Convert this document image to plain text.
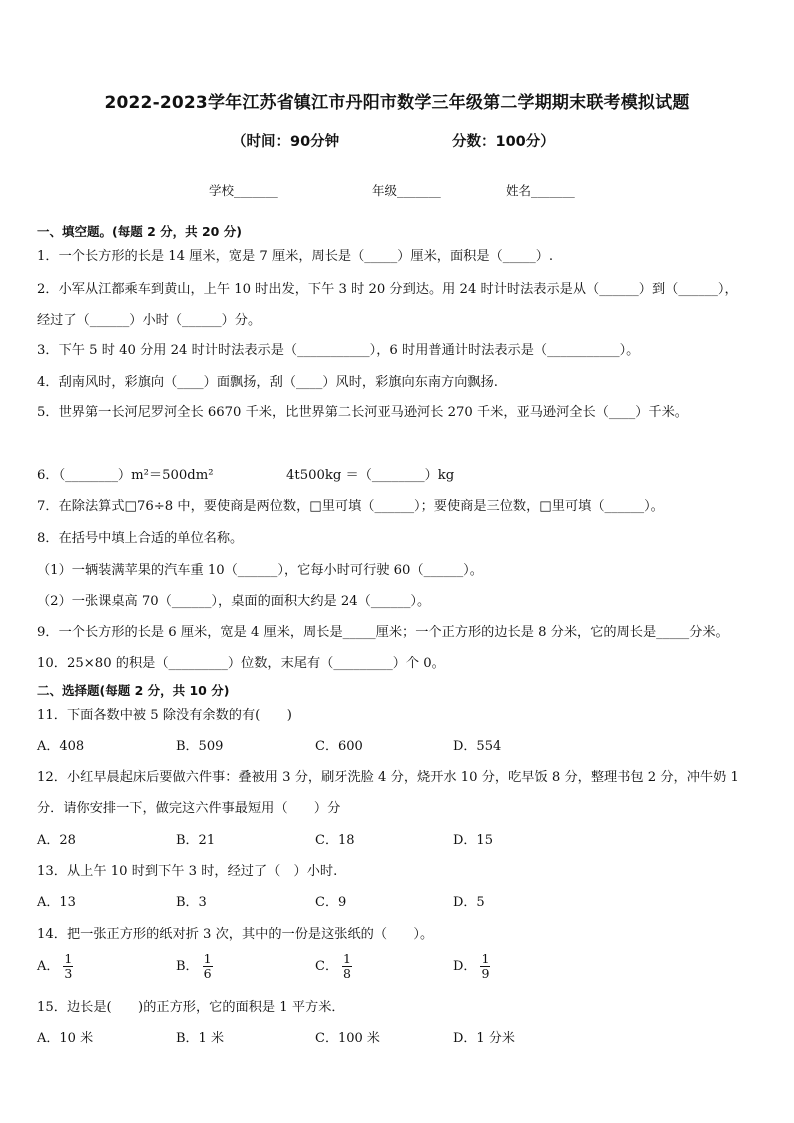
2022-2023学年江苏省镇江市丹阳市数学三年级第二学期期末联考模拟试题
（时间：90分钟	分数：100分）
学校_______	年级_______	姓名_______
一、填空题。(每题 2 分，共 20 分)
1．一个长方形的长是 14 厘米，宽是 7 厘米，周长是（_____）厘米，面积是（_____）.
2．小军从江都乘车到黄山，上午 10 时出发，下午 3 时 20 分到达。用 24 时计时法表示是从（______）到（______），
经过了（______）小时（______）分。
3．下午 5 时 40 分用 24 时计时法表示是（___________），6 时用普通计时法表示是（___________）。
4．刮南风时，彩旗向（____）面飘扬，刮（____）风时，彩旗向东南方向飘扬.
5．世界第一长河尼罗河全长 6670 千米，比世界第二长河亚马逊河长 270 千米，亚马逊河全长（____）千米。
6．（________）m²＝500dm²	4t500kg ＝（________）kg
7．在除法算式□76÷8 中，要使商是两位数，□里可填（______）；要使商是三位数，□里可填（______）。
8．在括号中填上合适的单位名称。
（1）一辆装满苹果的汽车重 10（______），它每小时可行驶 60（______）。
（2）一张课桌高 70（______），桌面的面积大约是 24（______）。
9．一个长方形的长是 6 厘米，宽是 4 厘米，周长是_____厘米；一个正方形的边长是 8 分米，它的周长是_____分米。
10．25×80 的积是（_________）位数，末尾有（_________）个 0。
二、选择题(每题 2 分，共 10 分)
11．下面各数中被 5 除没有余数的有(　　)
A．408	B．509	C．600	D．554
12．小红早晨起床后要做六件事：叠被用 3 分，刷牙洗脸 4 分，烧开水 10 分，吃早饭 8 分，整理书包 2 分，冲牛奶 1
分．请你安排一下，做完这六件事最短用（　　）分
A．28	B．21	C．18	D．15
13．从上午 10 时到下午 3 时，经过了（　）小时.
A．13	B．3	C．9	D．5
14．把一张正方形的纸对折 3 次，其中的一份是这张纸的（　　）。
A． $\frac{1}{3}$	B． $\frac{1}{6}$	C． $\frac{1}{8}$	D． $\frac{1}{9}$
15．边长是(　　)的正方形，它的面积是 1 平方米．
A．10 米	B．1 米	C．100 米	D．1 分米
